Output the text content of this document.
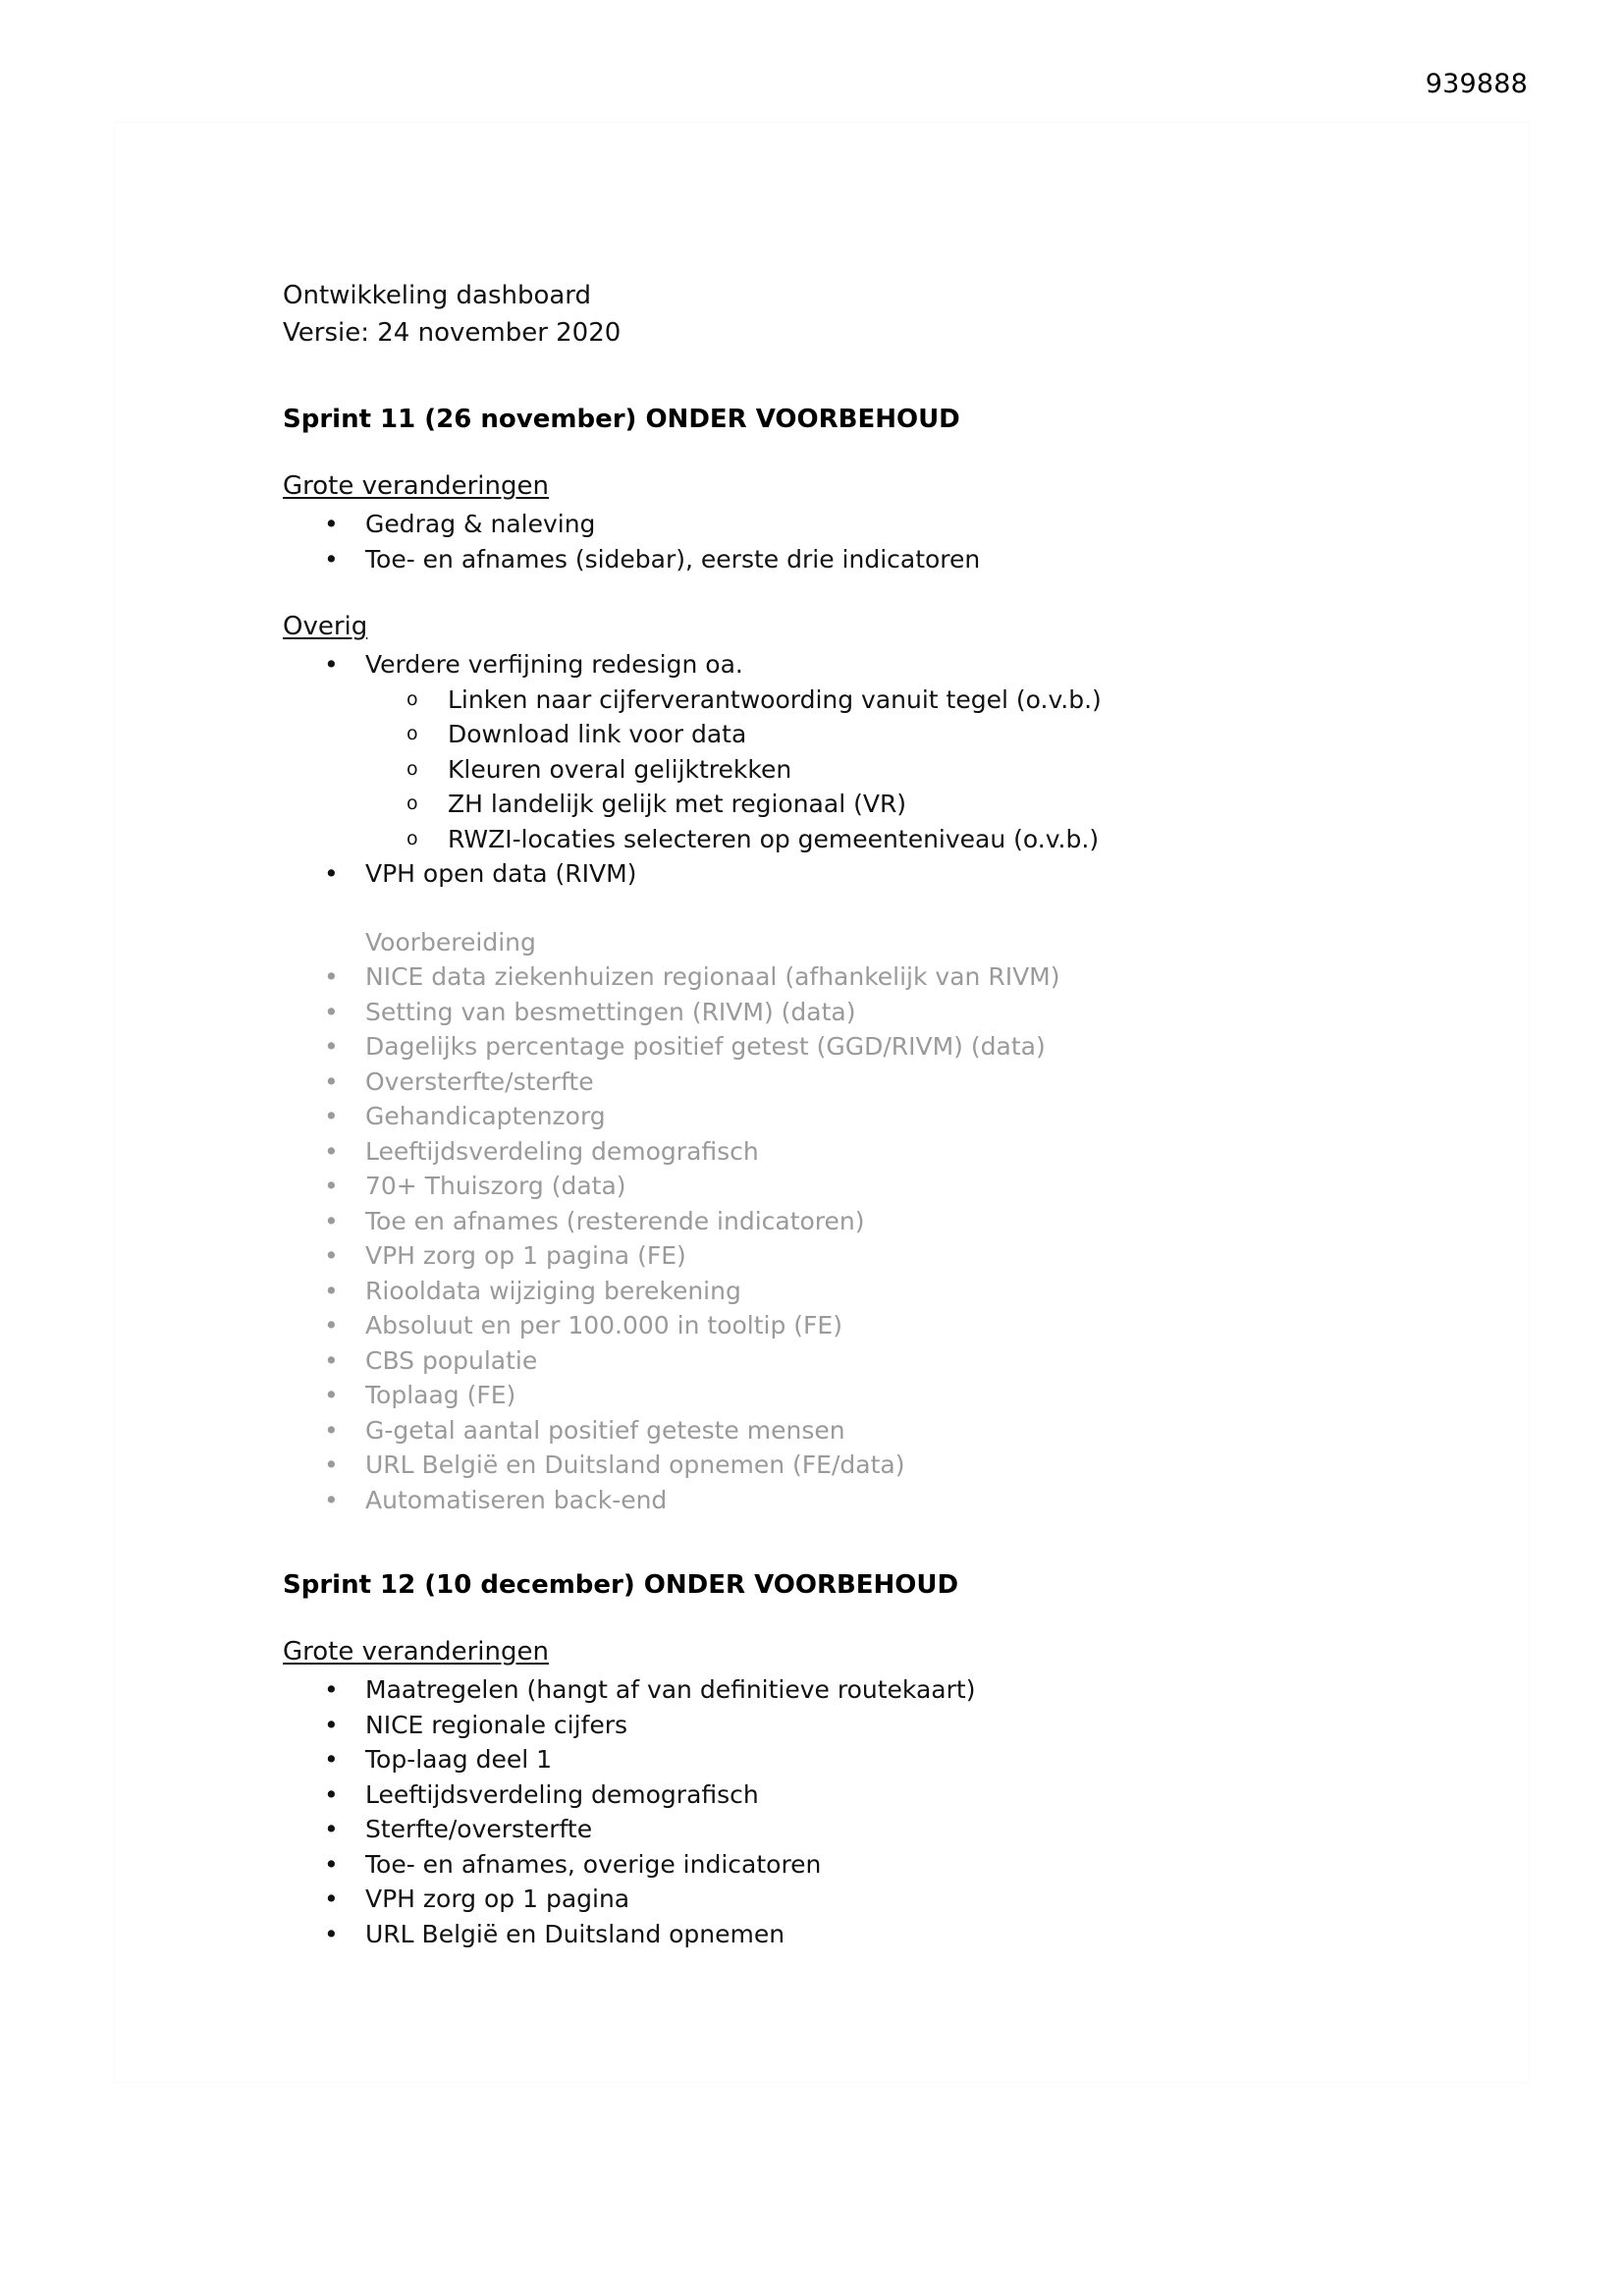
939888
Ontwikkeling dashboard
Versie: 24 november 2020
Sprint 11 (26 november) ONDER VOORBEHOUD
Grote veranderingen
• Gedrag & naleving
• Toe- en afnames (sidebar), eerste drie indicatoren
Overig
• Verdere verfijning redesign oa.
o	Linken naar cijferverantwoording vanuit tegel (o.v.b.)
o	Download link voor data
o	Kleuren overal gelijktrekken
o	ZH landelijk gelijk met regionaal (VR)
o	RWZI-locaties selecteren op gemeenteniveau (o.v.b.)
• VPH open data (RIVM)
Voorbereiding
• NICE data ziekenhuizen regionaal (afhankelijk van RIVM)
• Setting van besmettingen (RIVM) (data)
• Dagelijks percentage positief getest (GGD/RIVM) (data)
• Oversterfte/sterfte
• Gehandicaptenzorg
• Leeftijdsverdeling demografisch
• 70+ Thuiszorg (data)
• Toe en afnames (resterende indicatoren)
• VPH zorg op 1 pagina (FE)
• Riooldata wijziging berekening
• Absoluut en per 100.000 in tooltip (FE)
• CBS populatie
• Toplaag (FE)
• G-getal aantal positief geteste mensen
• URL België en Duitsland opnemen (FE/data)
• Automatiseren back-end
Sprint 12 (10 december) ONDER VOORBEHOUD
Grote veranderingen
• Maatregelen (hangt af van definitieve routekaart)
• NICE regionale cijfers
• Top-laag deel 1
• Leeftijdsverdeling demografisch
• Sterfte/oversterfte
• Toe- en afnames, overige indicatoren
• VPH zorg op 1 pagina
• URL België en Duitsland opnemen
